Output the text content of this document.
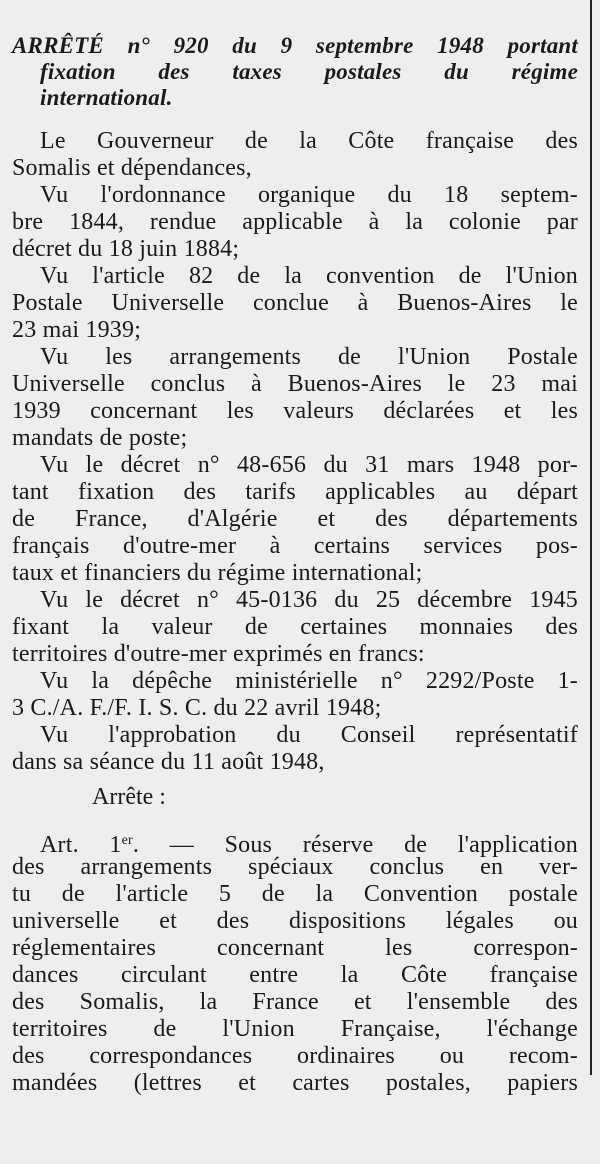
ARRÊTÉ n° 920 du 9 septembre 1948 portant
fixation des taxes postales du régime
international.
Le Gouverneur de la Côte française des
Somalis et dépendances,
Vu l'ordonnance organique du 18 septem-
bre 1844, rendue applicable à la colonie par
décret du 18 juin 1884;
Vu l'article 82 de la convention de l'Union
Postale Universelle conclue à Buenos-Aires le
23 mai 1939;
Vu les arrangements de l'Union Postale
Universelle conclus à Buenos-Aires le 23 mai
1939 concernant les valeurs déclarées et les
mandats de poste;
Vu le décret n° 48-656 du 31 mars 1948 por-
tant fixation des tarifs applicables au départ
de France, d'Algérie et des départements
français d'outre-mer à certains services pos-
taux et financiers du régime international;
Vu le décret n° 45-0136 du 25 décembre 1945
fixant la valeur de certaines monnaies des
territoires d'outre-mer exprimés en francs:
Vu la dépêche ministérielle n° 2292/Poste 1-
3 C./A. F./F. I. S. C. du 22 avril 1948;
Vu l'approbation du Conseil représentatif
dans sa séance du 11 août 1948,
Arrête :
Art. 1er. — Sous réserve de l'application
des arrangements spéciaux conclus en ver-
tu de l'article 5 de la Convention postale
universelle et des dispositions légales ou
réglementaires concernant les correspon-
dances circulant entre la Côte française
des Somalis, la France et l'ensemble des
territoires de l'Union Française, l'échange
des correspondances ordinaires ou recom-
mandées (lettres et cartes postales, papiers
